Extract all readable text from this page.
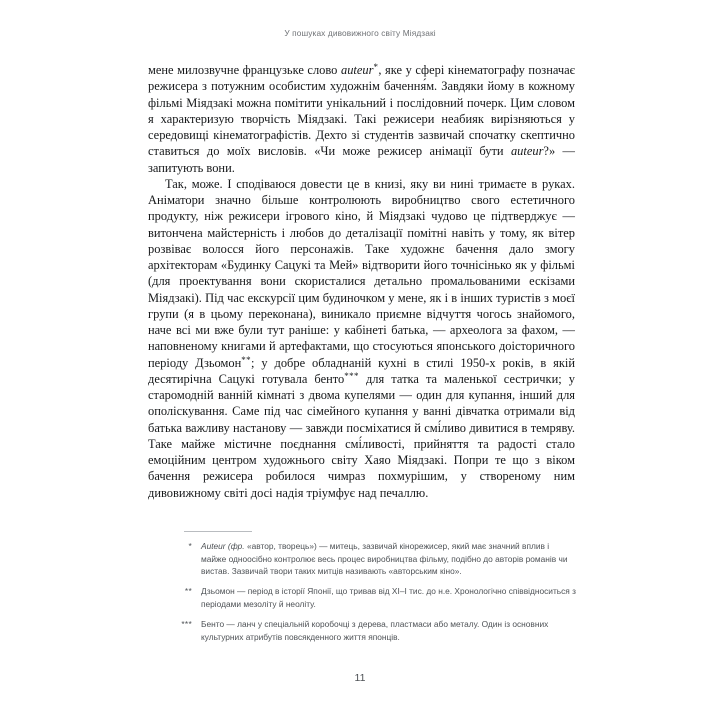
У пошуках дивовижного світу Міядзакі

мене милозвучне французьке слово auteur*, яке у сфері кінематографу позначає режисера з потужним особистим художнім бачення́м. Завдяки йому в кожному фільмі Міядзакі можна помітити унікальний і послідовний почерк. Цим словом я характеризую творчість Міядзакі. Такі режисери неабияк вирізняються у середовищі кінематографістів. Дехто зі студентів зазвичай спочатку скептично ставиться до моїх висловів. «Чи може режисер анімації бути auteur?» — запитують вони.

Так, може. І сподіваюся довести це в книзі, яку ви нині тримаєте в руках. Аніматори значно більше контролюють виробництво свого естетичного продукту, ніж режисери ігрового кіно, й Міядзакі чудово це підтверджує — витончена майстерність і любов до деталізації помітні навіть у тому, як вітер розвіває волосся його персонажів. Таке художнє бачення дало змогу архітекторам «Будинку Сацукі та Мей» відтворити його точнісінько як у фільмі (для проектування вони скористалися детально промальованими ескізами Міядзакі). Під час екскурсії цим будиночком у мене, як і в інших туристів з моєї групи (я в цьому переконана), виникало приємне відчуття чогось знайомого, наче всі ми вже були тут раніше: у кабінеті батька, — археолога за фахом, — наповненому книгами й артефактами, що стосуються японського доісторичного періоду Дзьомон**; у добре обладнаній кухні в стилі 1950-х років, в якій десятирічна Сацукі готувала бенто*** для татка та маленької сестрички; у старомодній ванній кімнаті з двома купелями — один для купання, інший для ополіскування. Саме під час сімейного купання у ванні дівчатка отримали від батька важливу настанову — завжди посміхатися й смі́ливо дивитися в темряву. Таке майже містичне поєднання смі́ливості, прийняття та радості стало емоційним центром художнього світу Хаяо Міядзакі. Попри те що з віком бачення режисера робилося чимраз похмурішим, у створеному ним дивовижному світі досі надія тріумфує над печаллю.

*	Auteur (фр. «автор, творець») — митець, зазвичай кінорежисер, який має значний вплив і майже одноосібно контролює весь процес виробництва фільму, подібно до авторів романів чи вистав. Зазвичай твори таких митців називають «авторським кіно».
**	Дзьомон — період в історії Японії, що тривав від XI–I тис. до н.е. Хронологічно співвідноситься з періодами мезоліту й неоліту.
***	Бенто — ланч у спеціальній коробочці з дерева, пластмаси або металу. Один із основних культурних атрибутів повсякденного життя японців.
11
